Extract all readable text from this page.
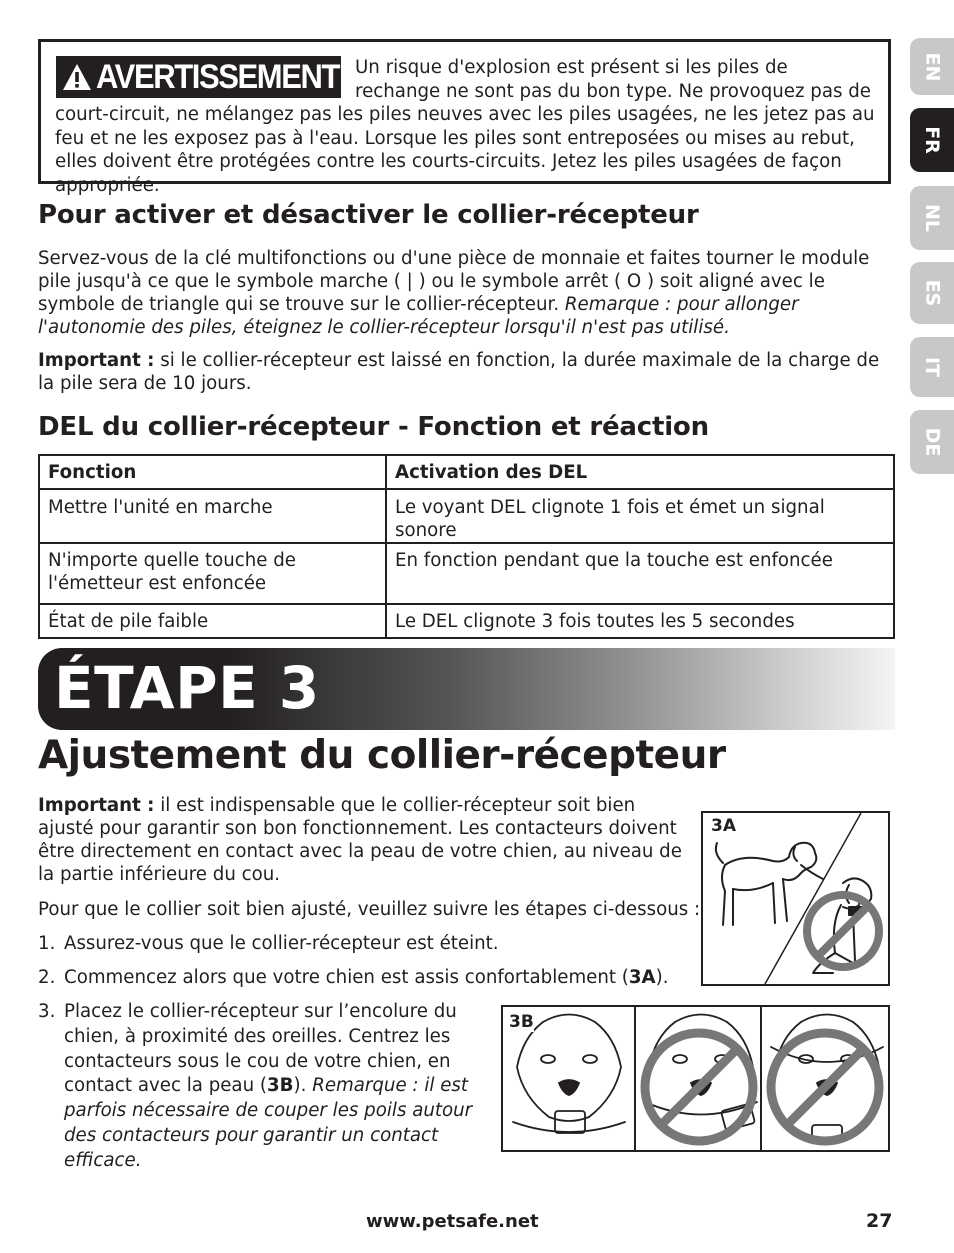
AVERTISSEMENT Un risque d'explosion est présent si les piles de rechange ne sont pas du bon type. Ne provoquez pas de court-circuit, ne mélangez pas les piles neuves avec les piles usagées, ne les jetez pas au feu et ne les exposez pas à l'eau. Lorsque les piles sont entreposées ou mises au rebut, elles doivent être protégées contre les courts-circuits. Jetez les piles usagées de façon appropriée.
EN
FR
NL
ES
IT
DE
Pour activer et désactiver le collier-récepteur
Servez-vous de la clé multifonctions ou d'une pièce de monnaie et faites tourner le module pile jusqu'à ce que le symbole marche ( | ) ou le symbole arrêt ( O ) soit aligné avec le symbole de triangle qui se trouve sur le collier-récepteur. Remarque : pour allonger l'autonomie des piles, éteignez le collier-récepteur lorsqu'il n'est pas utilisé.
Important : si le collier-récepteur est laissé en fonction, la durée maximale de la charge de la pile sera de 10 jours.
DEL du collier-récepteur - Fonction et réaction
Fonction	Activation des DEL
Mettre l'unité en marche	Le voyant DEL clignote 1 fois et émet un signal sonore
N'importe quelle touche de l'émetteur est enfoncée	En fonction pendant que la touche est enfoncée
État de pile faible	Le DEL clignote 3 fois toutes les 5 secondes
ÉTAPE 3
Ajustement du collier-récepteur
Important : il est indispensable que le collier-récepteur soit bien ajusté pour garantir son bon fonctionnement. Les contacteurs doivent être directement en contact avec la peau de votre chien, au niveau de la partie inférieure du cou.

Pour que le collier soit bien ajusté, veuillez suivre les étapes ci-dessous :

1. Assurez-vous que le collier-récepteur est éteint.
2. Commencez alors que votre chien est assis confortablement (3A).
3. Placez le collier-récepteur sur l’encolure du chien, à proximité des oreilles. Centrez les contacteurs sous le cou de votre chien, en contact avec la peau (3B). Remarque : il est parfois nécessaire de couper les poils autour des contacteurs pour garantir un contact efficace.
3A
3B
www.petsafe.net	27
